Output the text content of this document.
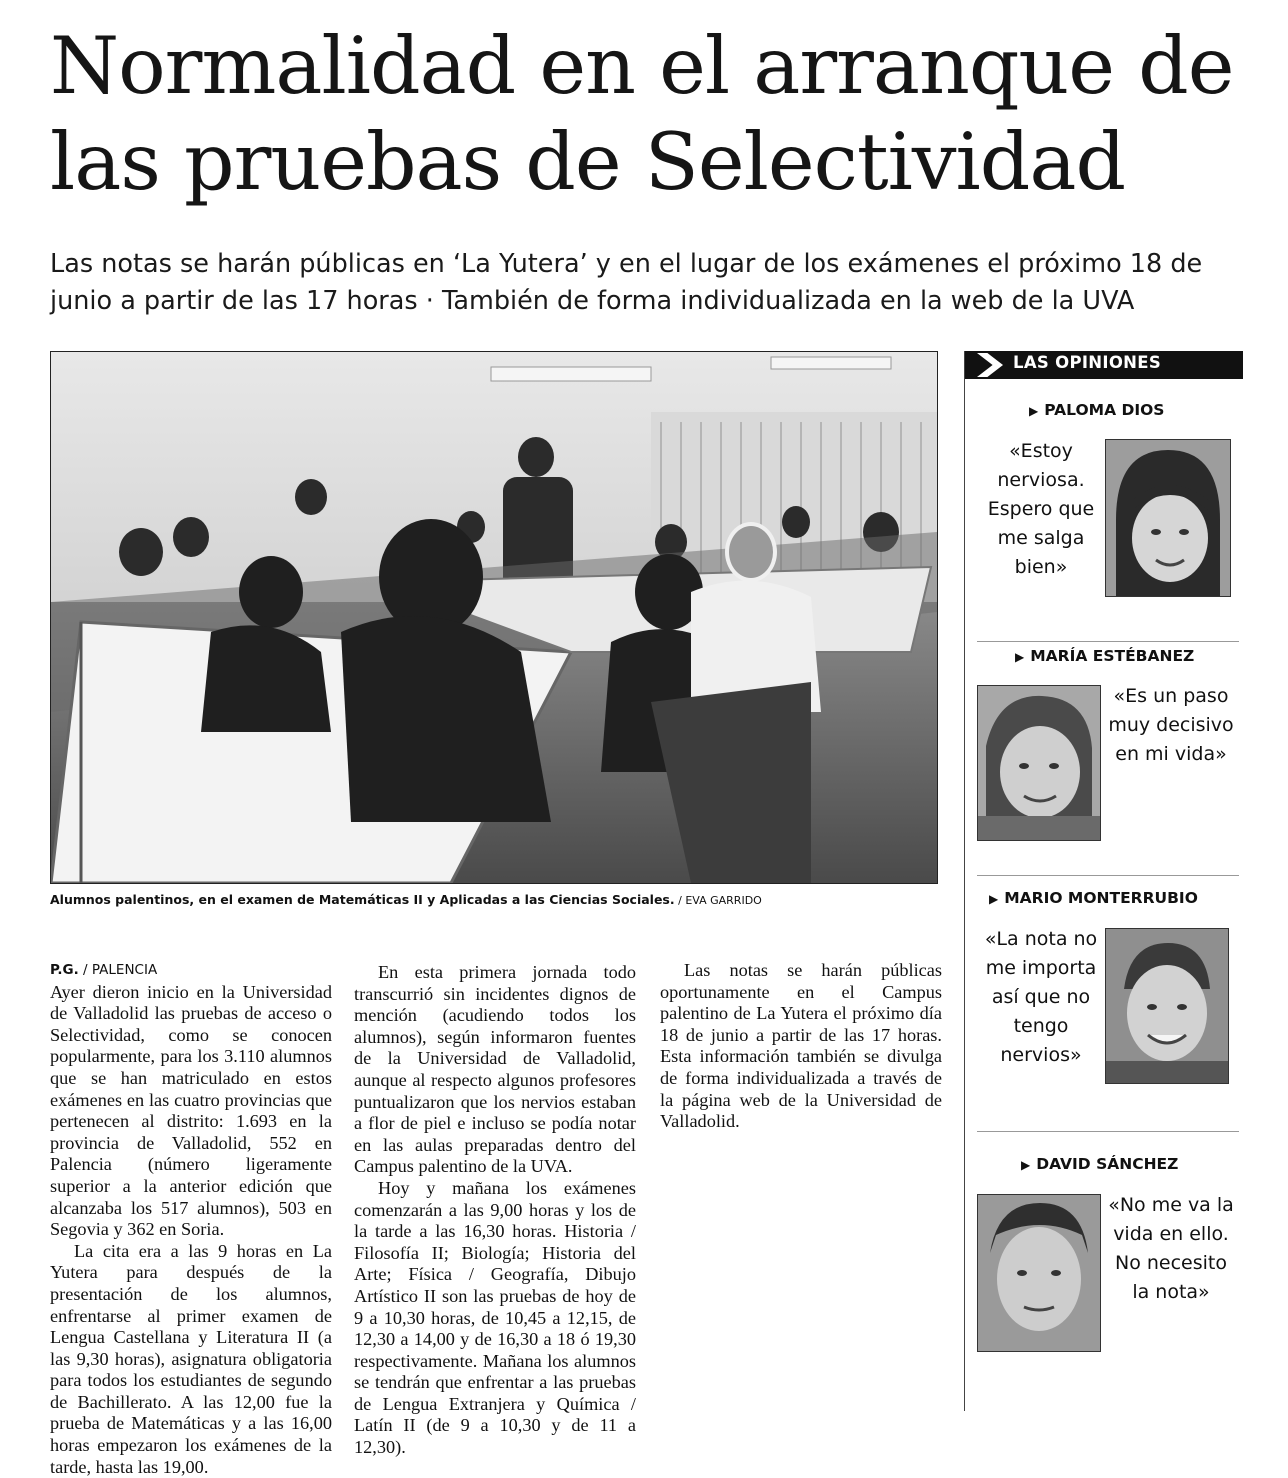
Normalidad en el arranque de las pruebas de Selectividad

Las notas se harán públicas en ‘La Yutera’ y en el lugar de los exámenes el próximo 18 de junio a partir de las 17 horas · También de forma individualizada en la web de la UVA

Alumnos palentinos, en el examen de Matemáticas II y Aplicadas a las Ciencias Sociales. / EVA GARRIDO
P.G. / PALENCIA

Ayer dieron inicio en la Universidad de Valladolid las pruebas de acceso o Selectividad, como se conocen popularmente, para los 3.110 alumnos que se han matriculado en estos exámenes en las cuatro provincias que pertenecen al distrito: 1.693 en la provincia de Valladolid, 552 en Palencia (número ligeramente superior a la anterior edición que alcanzaba los 517 alumnos), 503 en Segovia y 362 en Soria.

La cita era a las 9 horas en La Yutera para después de la presentación de los alumnos, enfrentarse al primer examen de Lengua Castellana y Literatura II (a las 9,30 horas), asignatura obligatoria para todos los estudiantes de segundo de Bachillerato. A las 12,00 fue la prueba de Matemáticas y a las 16,00 horas empezaron los exámenes de la tarde, hasta las 19,00.

En esta primera jornada todo transcurrió sin incidentes dignos de mención (acudiendo todos los alumnos), según informaron fuentes de la Universidad de Valladolid, aunque al respecto algunos profesores puntualizaron que los nervios estaban a flor de piel e incluso se podía notar en las aulas preparadas dentro del Campus palentino de la UVA.

Hoy y mañana los exámenes comenzarán a las 9,00 horas y los de la tarde a las 16,30 horas. Historia / Filosofía II; Biología; Historia del Arte; Física / Geografía, Dibujo Artístico II son las pruebas de hoy de 9 a 10,30 horas, de 10,45 a 12,15, de 12,30 a 14,00 y de 16,30 a 18 ó 19,30 respectivamente. Mañana los alumnos se tendrán que enfrentar a las pruebas de Lengua Extranjera y Química / Latín II (de 9 a 10,30 y de 11 a 12,30).

Las notas se harán públicas oportunamente en el Campus palentino de La Yutera el próximo día 18 de junio a partir de las 17 horas. Esta información también se divulga de forma individualizada a través de la página web de la Universidad de Valladolid.

LAS OPINIONES
▶ PALOMA DIOS
«Estoy nerviosa. Espero que me salga bien»
▶ MARÍA ESTÉBANEZ
«Es un paso muy decisivo en mi vida»
▶ MARIO MONTERRUBIO
«La nota no me importa así que no tengo nervios»
▶ DAVID SÁNCHEZ
«No me va la vida en ello. No necesito la nota»
